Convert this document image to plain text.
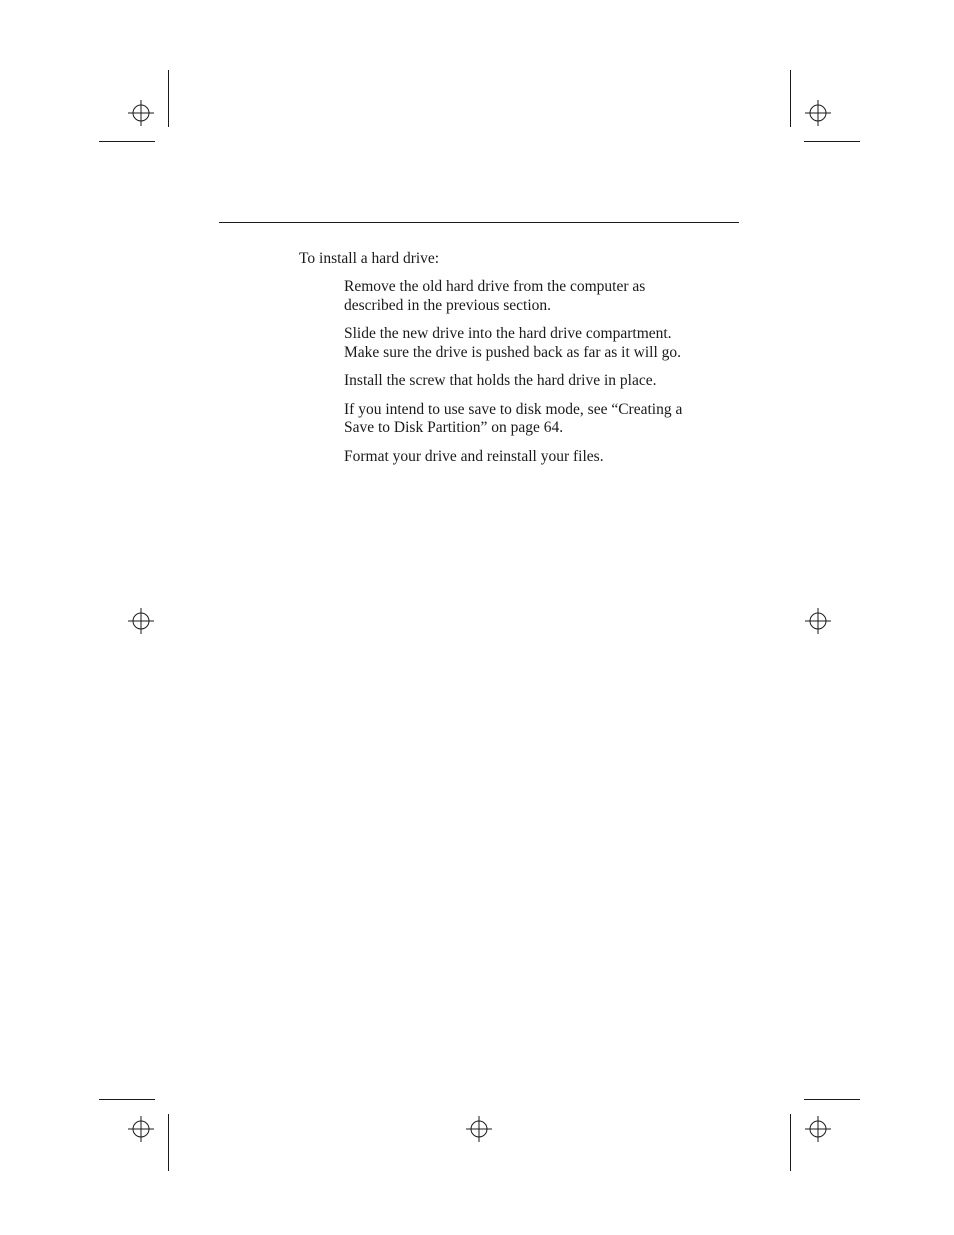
To install a hard drive:

Remove the old hard drive from the computer as
described in the previous section.
Slide the new drive into the hard drive compartment.
Make sure the drive is pushed back as far as it will go.
Install the screw that holds the hard drive in place.
If you intend to use save to disk mode, see “Creating a
Save to Disk Partition” on page 64.
Format your drive and reinstall your files.
